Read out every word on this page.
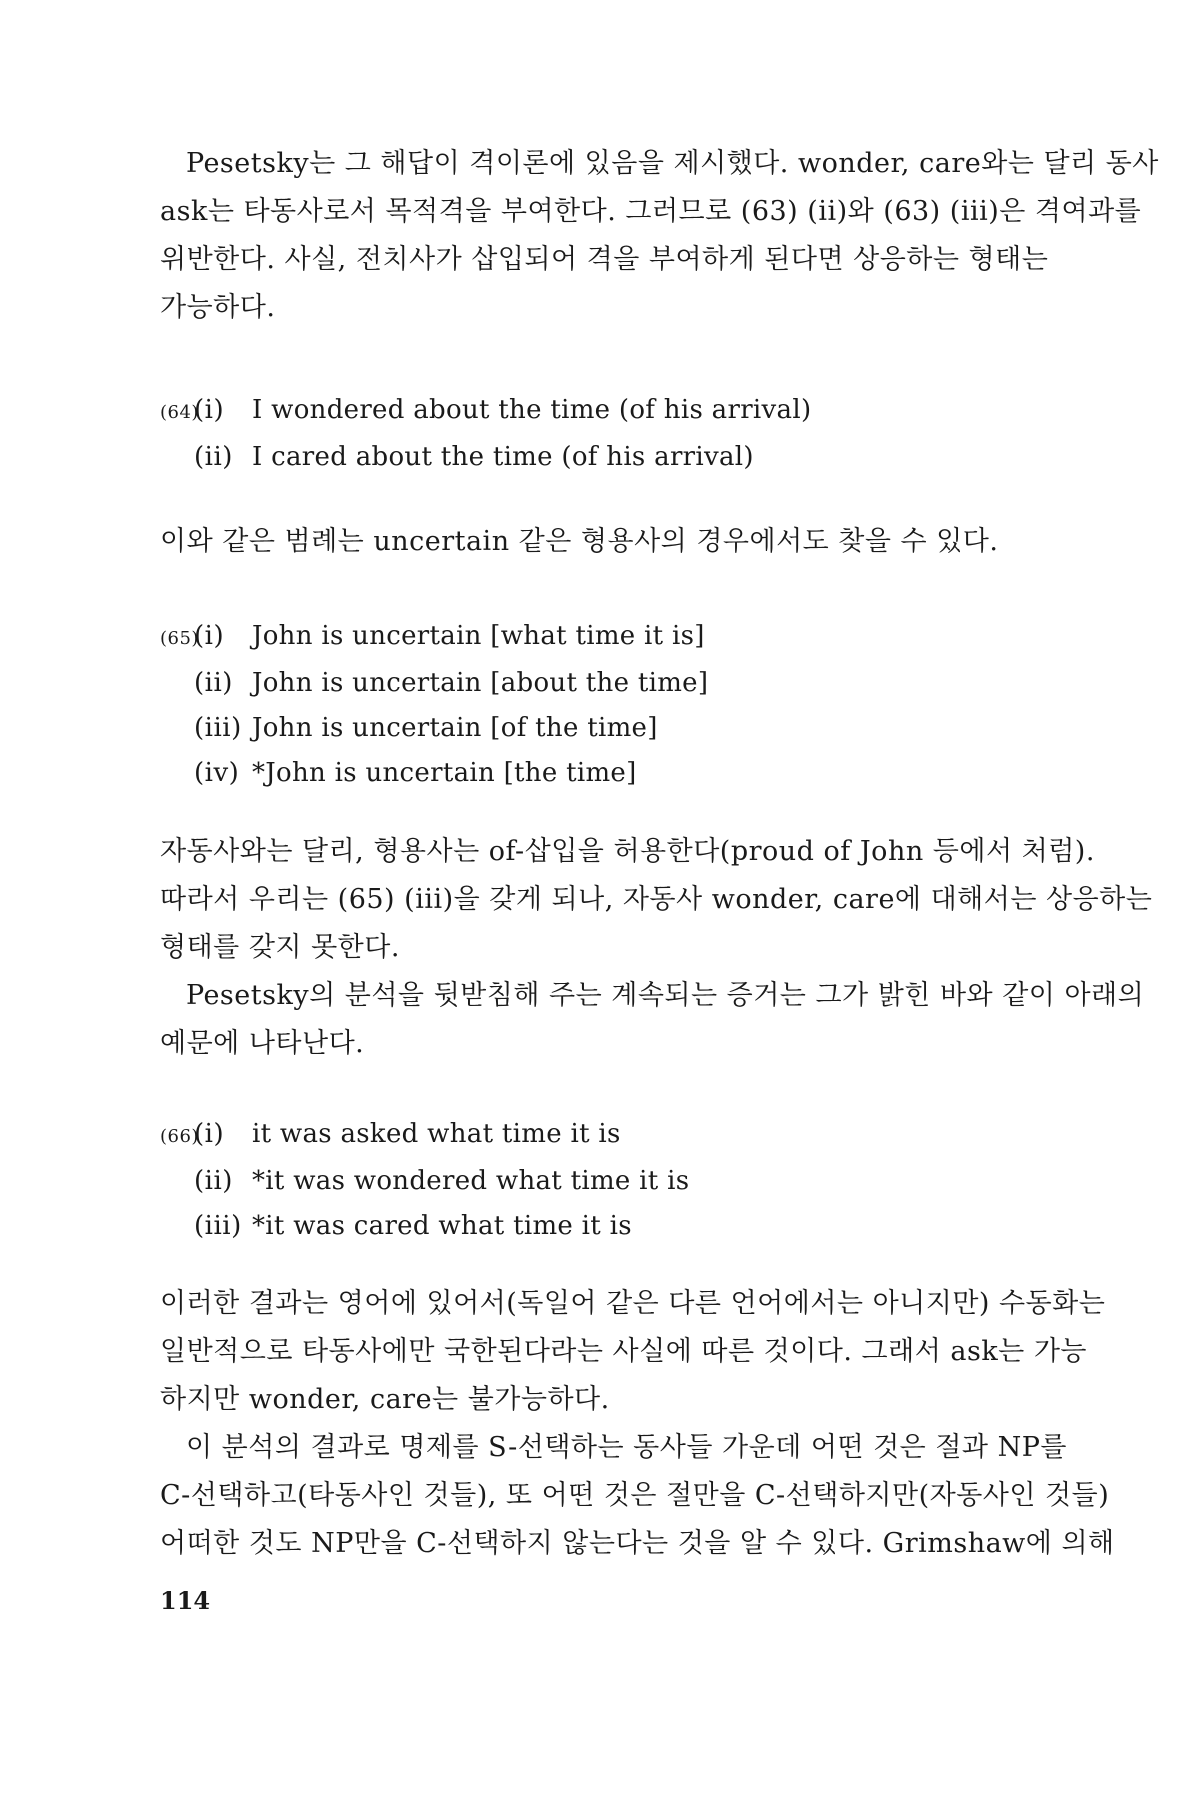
Pesetsky는 그 해답이 격이론에 있음을 제시했다. wonder, care와는 달리 동사

ask는 타동사로서 목적격을 부여한다. 그러므로 (63) (ii)와 (63) (iii)은 격여과를

위반한다. 사실, 전치사가 삽입되어 격을 부여하게 된다면 상응하는 형태는

가능하다.

(64)(i) I wondered about the time (of his arrival)
(ii) I cared about the time (of his arrival)

이와 같은 범례는 uncertain 같은 형용사의 경우에서도 찾을 수 있다.

(65)(i) John is uncertain [what time it is]
(ii) John is uncertain [about the time]
(iii) John is uncertain [of the time]
(iv) *John is uncertain [the time]

자동사와는 달리, 형용사는 of-삽입을 허용한다(proud of John 등에서 처럼).

따라서 우리는 (65) (iii)을 갖게 되나, 자동사 wonder, care에 대해서는 상응하는

형태를 갖지 못한다.

Pesetsky의 분석을 뒷받침해 주는 계속되는 증거는 그가 밝힌 바와 같이 아래의

예문에 나타난다.

(66)(i) it was asked what time it is
(ii) *it was wondered what time it is
(iii) *it was cared what time it is

이러한 결과는 영어에 있어서(독일어 같은 다른 언어에서는 아니지만) 수동화는

일반적으로 타동사에만 국한된다라는 사실에 따른 것이다. 그래서 ask는 가능

하지만 wonder, care는 불가능하다.

이 분석의 결과로 명제를 S-선택하는 동사들 가운데 어떤 것은 절과 NP를

C-선택하고(타동사인 것들), 또 어떤 것은 절만을 C-선택하지만(자동사인 것들)

어떠한 것도 NP만을 C-선택하지 않는다는 것을 알 수 있다. Grimshaw에 의해

114
